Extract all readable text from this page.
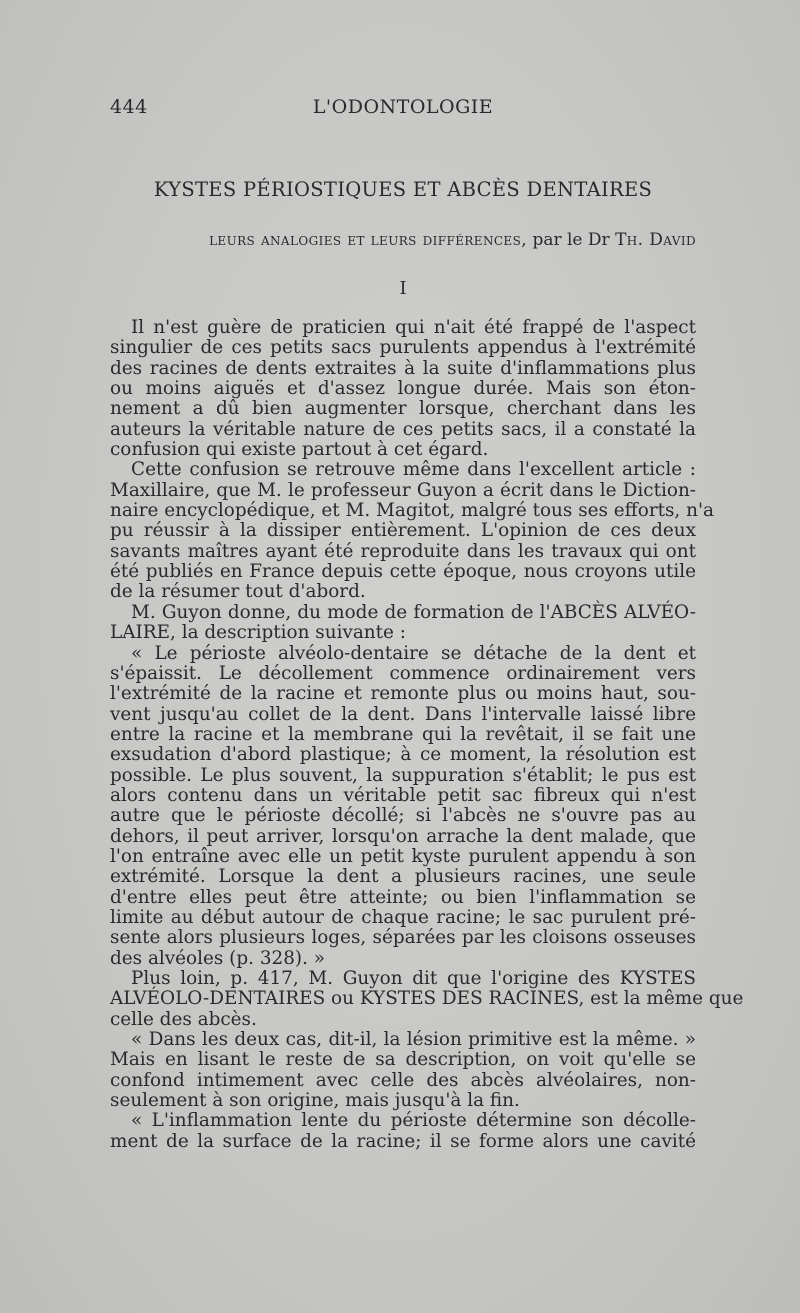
444	L'ODONTOLOGIE
KYSTES PÉRIOSTIQUES ET ABCÈS DENTAIRES
leurs analogies et leurs différences, par le Dr Th. David
I
Il n'est guère de praticien qui n'ait été frappé de l'aspect
singulier de ces petits sacs purulents appendus à l'extrémité
des racines de dents extraites à la suite d'inflammations plus
ou moins aiguës et d'assez longue durée. Mais son éton-
nement a dû bien augmenter lorsque, cherchant dans les
auteurs la véritable nature de ces petits sacs, il a constaté la
confusion qui existe partout à cet égard.
Cette confusion se retrouve même dans l'excellent article :
Maxillaire, que M. le professeur Guyon a écrit dans le Diction-
naire encyclopédique, et M. Magitot, malgré tous ses efforts, n'a
pu réussir à la dissiper entièrement. L'opinion de ces deux
savants maîtres ayant été reproduite dans les travaux qui ont
été publiés en France depuis cette époque, nous croyons utile
de la résumer tout d'abord.
M. Guyon donne, du mode de formation de l'ABCÈS ALVÉO-
LAIRE, la description suivante :
« Le périoste alvéolo-dentaire se détache de la dent et
s'épaissit. Le décollement commence ordinairement vers
l'extrémité de la racine et remonte plus ou moins haut, sou-
vent jusqu'au collet de la dent. Dans l'intervalle laissé libre
entre la racine et la membrane qui la revêtait, il se fait une
exsudation d'abord plastique; à ce moment, la résolution est
possible. Le plus souvent, la suppuration s'établit; le pus est
alors contenu dans un véritable petit sac fibreux qui n'est
autre que le périoste décollé; si l'abcès ne s'ouvre pas au
dehors, il peut arriver, lorsqu'on arrache la dent malade, que
l'on entraîne avec elle un petit kyste purulent appendu à son
extrémité. Lorsque la dent a plusieurs racines, une seule
d'entre elles peut être atteinte; ou bien l'inflammation se
limite au début autour de chaque racine; le sac purulent pré-
sente alors plusieurs loges, séparées par les cloisons osseuses
des alvéoles (p. 328). »
Plus loin, p. 417, M. Guyon dit que l'origine des KYSTES
ALVÉOLO-DENTAIRES ou KYSTES DES RACINES, est la même que
celle des abcès.
« Dans les deux cas, dit-il, la lésion primitive est la même. »
Mais en lisant le reste de sa description, on voit qu'elle se
confond intimement avec celle des abcès alvéolaires, non-
seulement à son origine, mais jusqu'à la fin.
« L'inflammation lente du périoste détermine son décolle-
ment de la surface de la racine; il se forme alors une cavité
